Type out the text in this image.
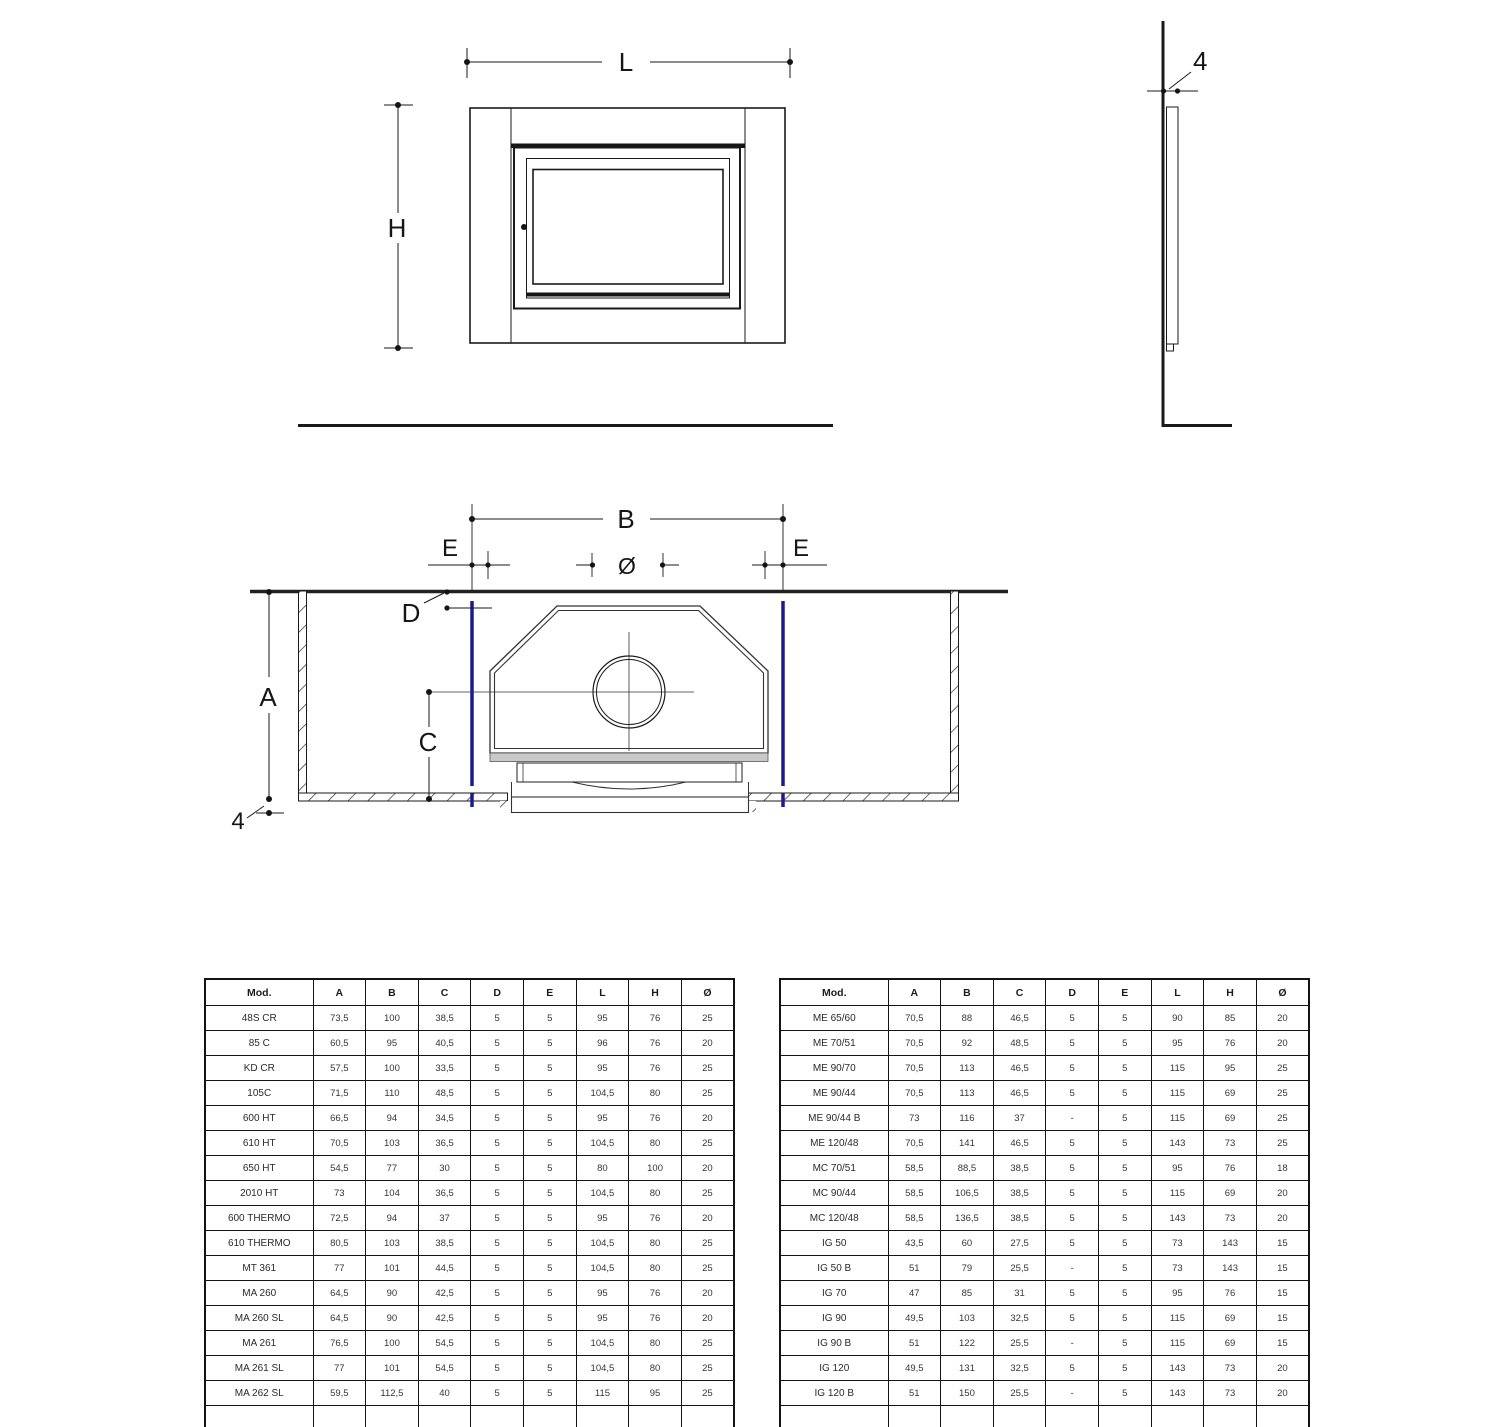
L
H
4
B
E	E
Ø
A
C
D
4
Mod.	A	B	C	D	E	L	H	Ø
48S CR	73,5	100	38,5	5	5	95	76	25
85 C	60,5	95	40,5	5	5	96	76	20
KD CR	57,5	100	33,5	5	5	95	76	25
105C	71,5	110	48,5	5	5	104,5	80	25
600 HT	66,5	94	34,5	5	5	95	76	20
610 HT	70,5	103	36,5	5	5	104,5	80	25
650 HT	54,5	77	30	5	5	80	100	20
2010 HT	73	104	36,5	5	5	104,5	80	25
600 THERMO	72,5	94	37	5	5	95	76	20
610 THERMO	80,5	103	38,5	5	5	104,5	80	25
MT 361	77	101	44,5	5	5	104,5	80	25
MA 260	64,5	90	42,5	5	5	95	76	20
MA 260 SL	64,5	90	42,5	5	5	95	76	20
MA 261	76,5	100	54,5	5	5	104,5	80	25
MA 261 SL	77	101	54,5	5	5	104,5	80	25
MA 262 SL	59,5	112,5	40	5	5	115	95	25

Mod.	A	B	C	D	E	L	H	Ø
ME 65/60	70,5	88	46,5	5	5	90	85	20
ME 70/51	70,5	92	48,5	5	5	95	76	20
ME 90/70	70,5	113	46,5	5	5	115	95	25
ME 90/44	70,5	113	46,5	5	5	115	69	25
ME 90/44 B	73	116	37	-	5	115	69	25
ME 120/48	70,5	141	46,5	5	5	143	73	25
MC 70/51	58,5	88,5	38,5	5	5	95	76	18
MC 90/44	58,5	106,5	38,5	5	5	115	69	20
MC 120/48	58,5	136,5	38,5	5	5	143	73	20
IG 50	43,5	60	27,5	5	5	73	143	15
IG 50 B	51	79	25,5	-	5	73	143	15
IG 70	47	85	31	5	5	95	76	15
IG 90	49,5	103	32,5	5	5	115	69	15
IG 90 B	51	122	25,5	-	5	115	69	15
IG 120	49,5	131	32,5	5	5	143	73	20
IG 120 B	51	150	25,5	-	5	143	73	20
